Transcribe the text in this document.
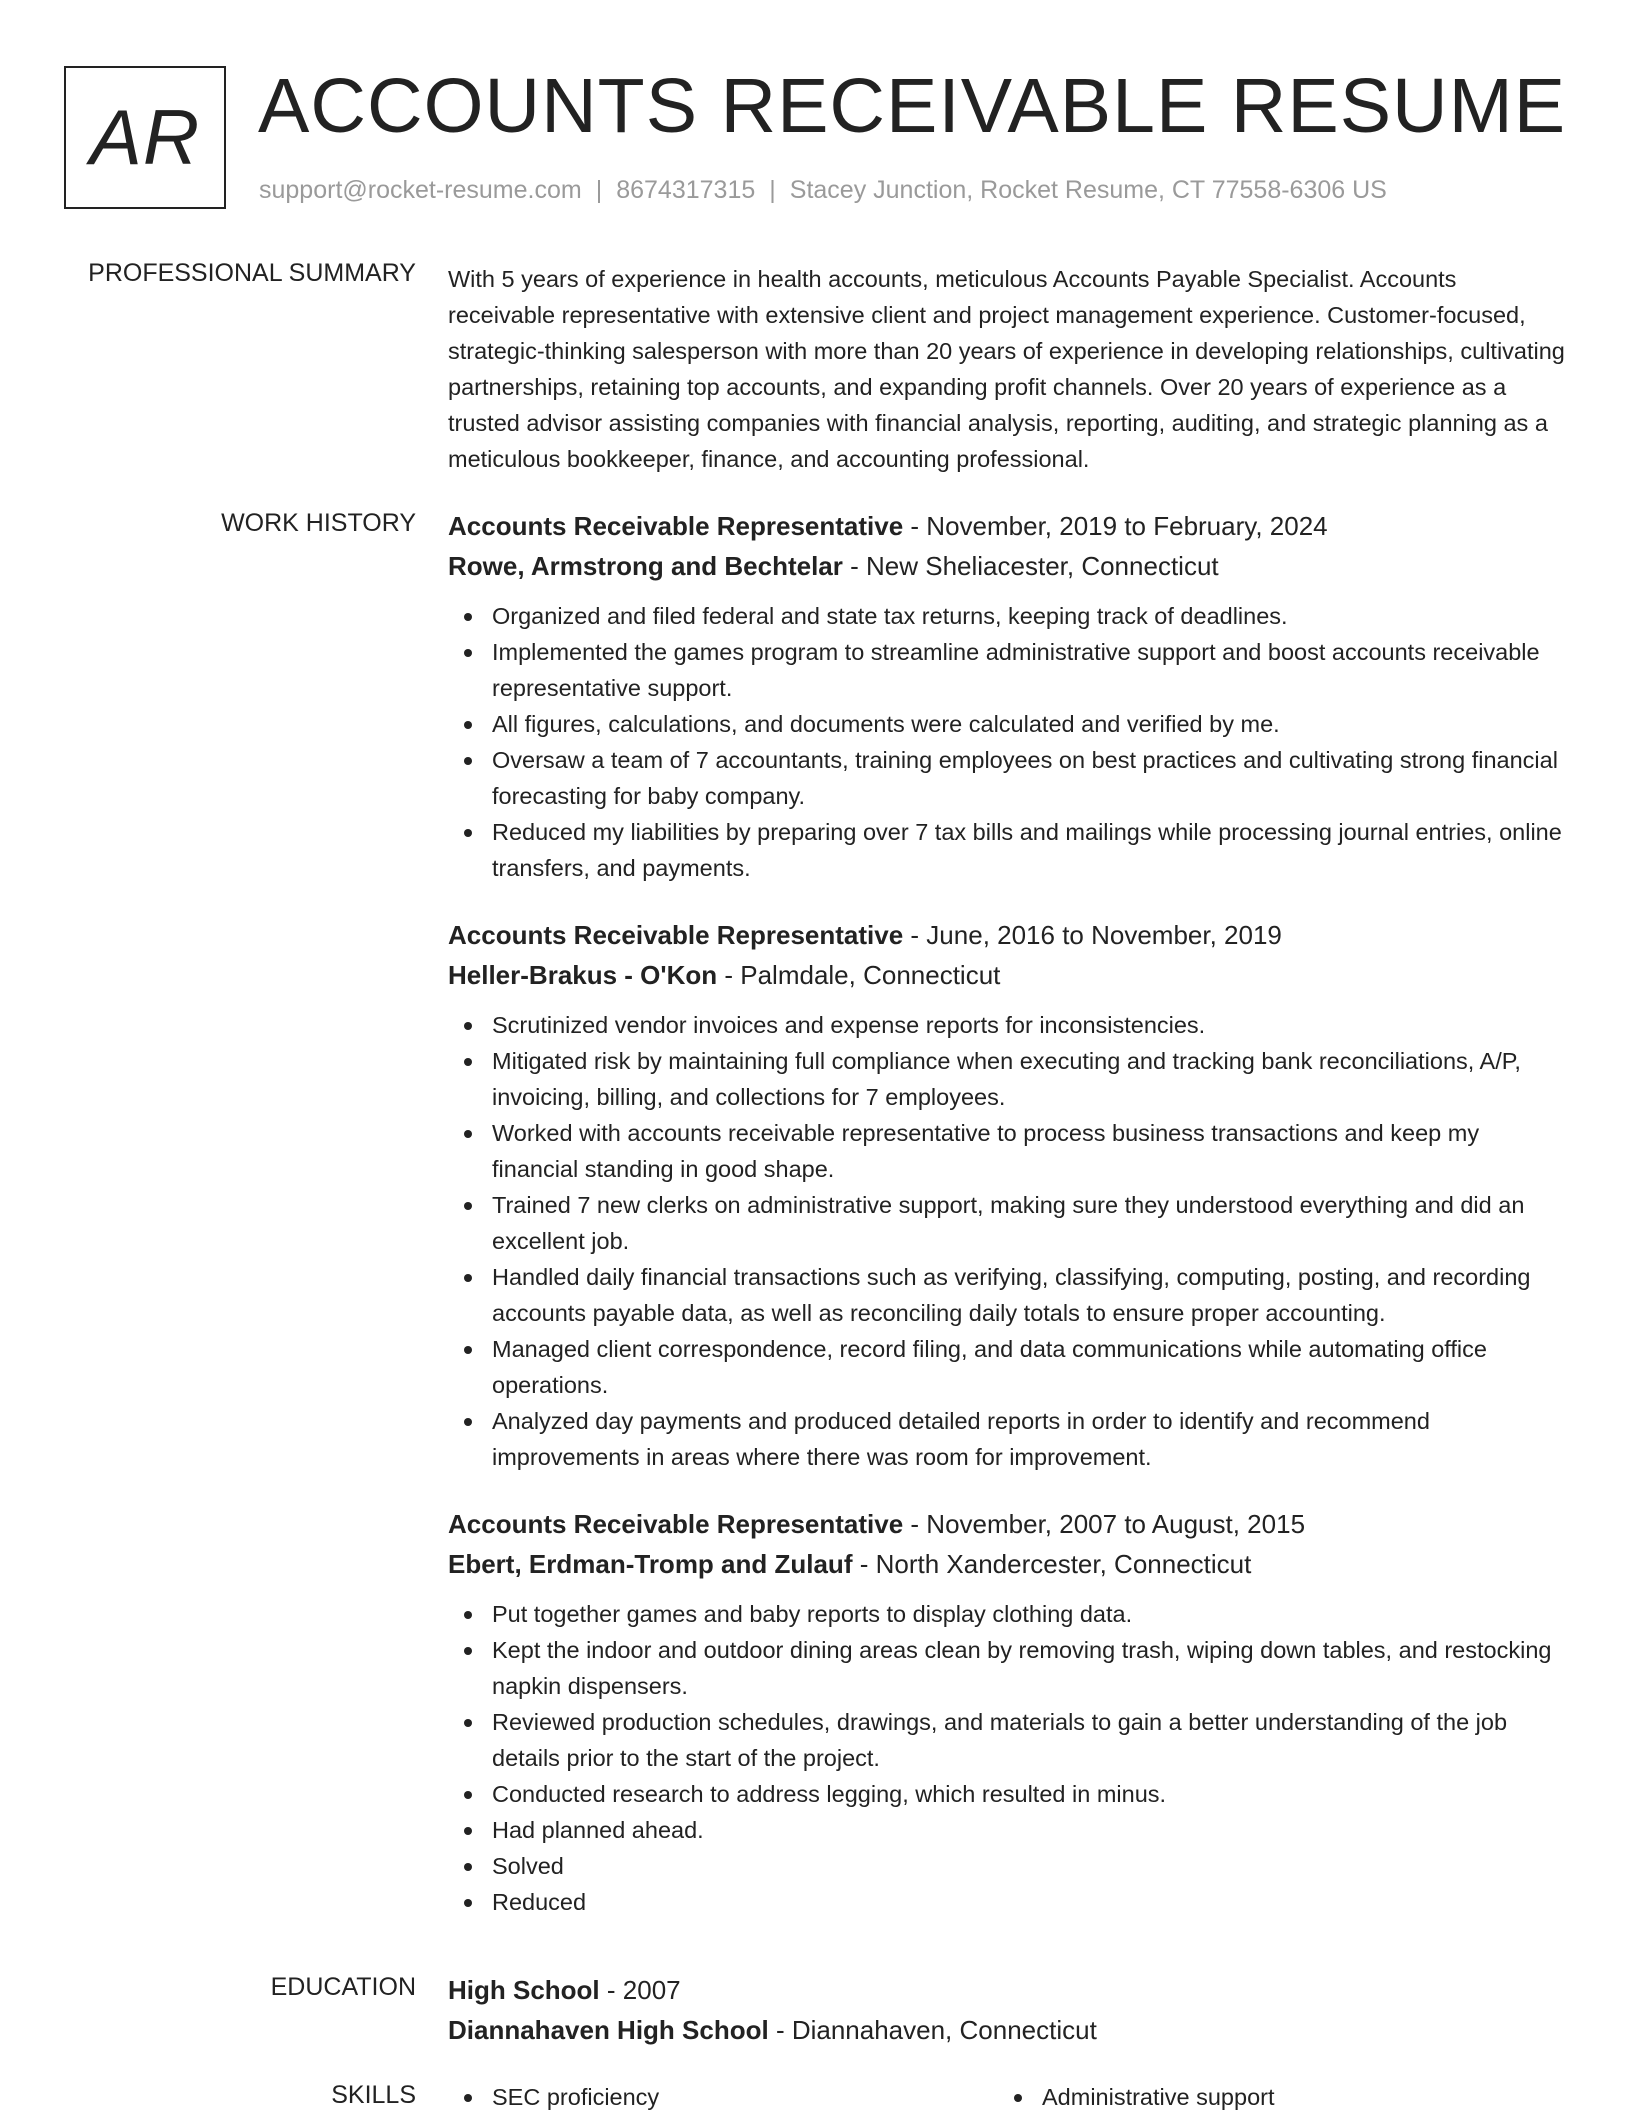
AR ACCOUNTS RECEIVABLE RESUME
support@rocket-resume.com | 8674317315 | Stacey Junction, Rocket Resume, CT 77558-6306 US
PROFESSIONAL SUMMARY With 5 years of experience in health accounts, meticulous Accounts Payable Specialist. Accounts receivable representative with extensive client and project management experience. Customer-focused, strategic-thinking salesperson with more than 20 years of experience in developing relationships, cultivating partnerships, retaining top accounts, and expanding profit channels. Over 20 years of experience as a trusted advisor assisting companies with financial analysis, reporting, auditing, and strategic planning as a meticulous bookkeeper, finance, and accounting professional.

WORK HISTORY Accounts Receivable Representative - November, 2019 to February, 2024
Rowe, Armstrong and Bechtelar - New Sheliacester, Connecticut
Organized and filed federal and state tax returns, keeping track of deadlines.
Implemented the games program to streamline administrative support and boost accounts receivable representative support.
All figures, calculations, and documents were calculated and verified by me.
Oversaw a team of 7 accountants, training employees on best practices and cultivating strong financial forecasting for baby company.
Reduced my liabilities by preparing over 7 tax bills and mailings while processing journal entries, online transfers, and payments.
Accounts Receivable Representative - June, 2016 to November, 2019
Heller-Brakus - O'Kon - Palmdale, Connecticut
Scrutinized vendor invoices and expense reports for inconsistencies.
Mitigated risk by maintaining full compliance when executing and tracking bank reconciliations, A/P, invoicing, billing, and collections for 7 employees.
Worked with accounts receivable representative to process business transactions and keep my financial standing in good shape.
Trained 7 new clerks on administrative support, making sure they understood everything and did an excellent job.
Handled daily financial transactions such as verifying, classifying, computing, posting, and recording accounts payable data, as well as reconciling daily totals to ensure proper accounting.
Managed client correspondence, record filing, and data communications while automating office operations.
Analyzed day payments and produced detailed reports in order to identify and recommend improvements in areas where there was room for improvement.
Accounts Receivable Representative - November, 2007 to August, 2015
Ebert, Erdman-Tromp and Zulauf - North Xandercester, Connecticut
Put together games and baby reports to display clothing data.
Kept the indoor and outdoor dining areas clean by removing trash, wiping down tables, and restocking napkin dispensers.
Reviewed production schedules, drawings, and materials to gain a better understanding of the job details prior to the start of the project.
Conducted research to address legging, which resulted in minus.
Had planned ahead.
Solved
Reduced
EDUCATION High School - 2007
Diannahaven High School - Diannahaven, Connecticut
SKILLS	SEC proficiency	Administrative support
